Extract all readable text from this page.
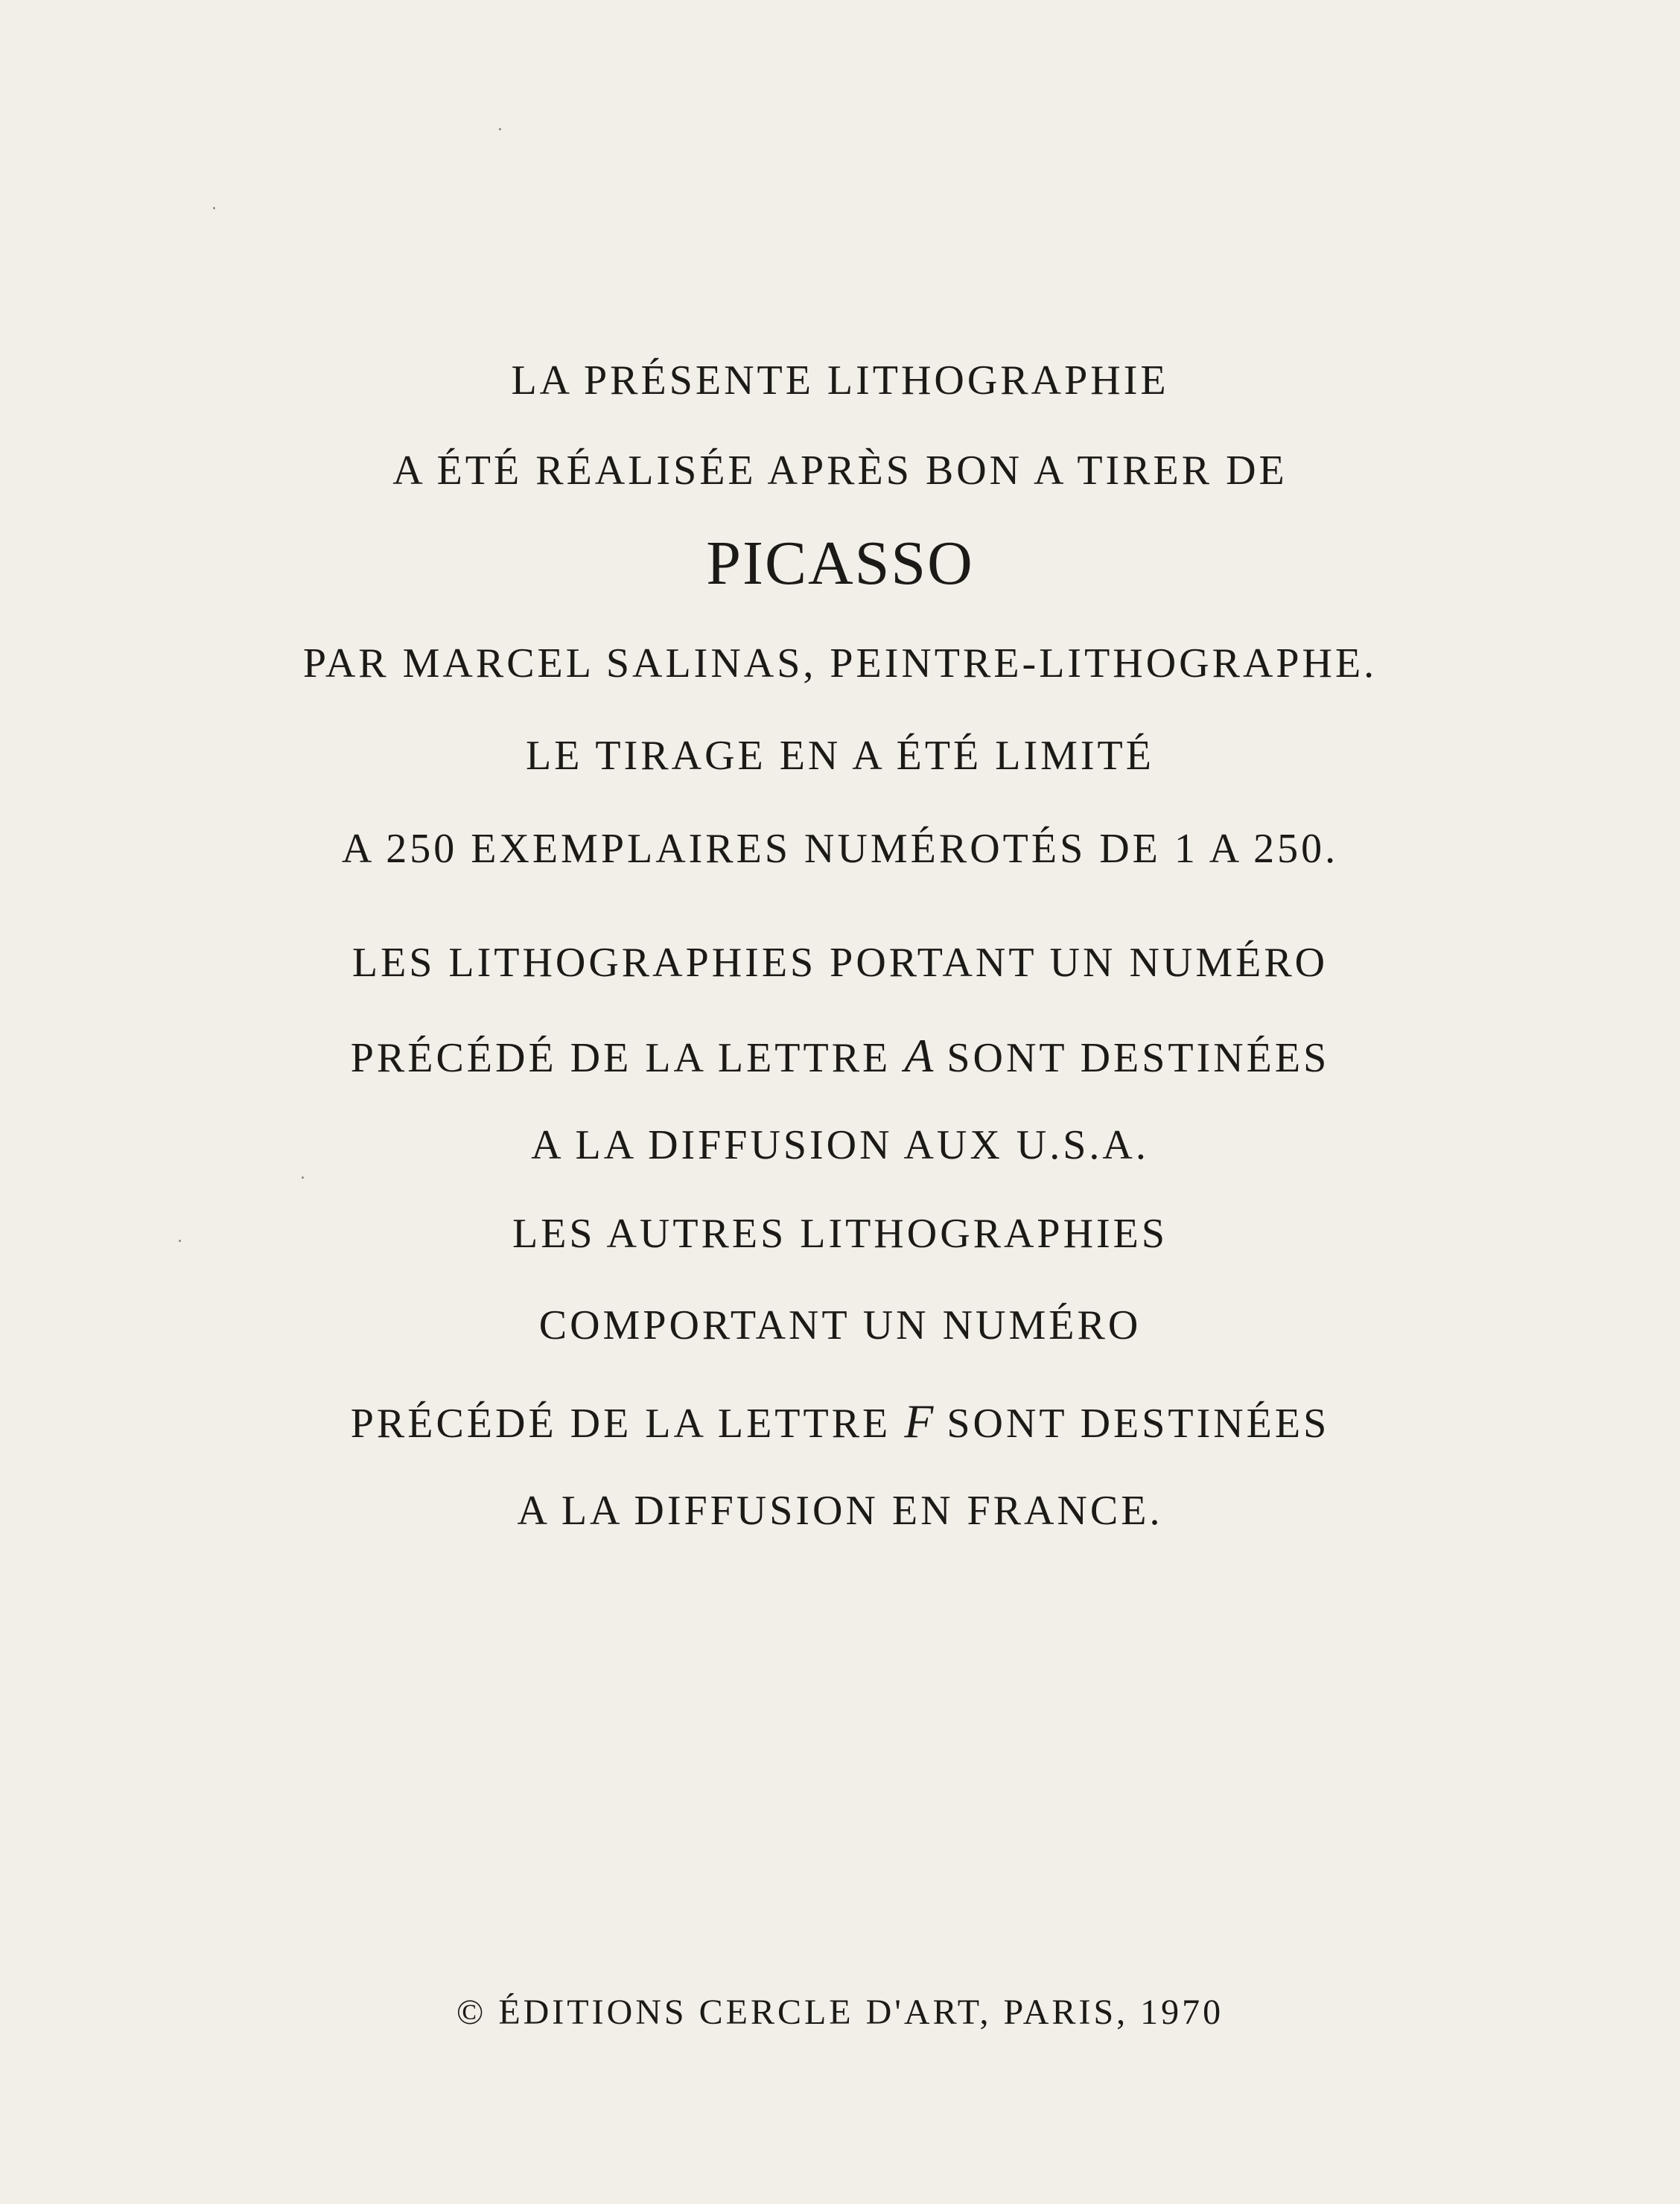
LA PRÉSENTE LITHOGRAPHIE
A ÉTÉ RÉALISÉE APRÈS BON A TIRER DE
PICASSO
PAR MARCEL SALINAS, PEINTRE-LITHOGRAPHE.
LE TIRAGE EN A ÉTÉ LIMITÉ
A 250 EXEMPLAIRES NUMÉROTÉS DE 1 A 250.
LES LITHOGRAPHIES PORTANT UN NUMÉRO
PRÉCÉDÉ DE LA LETTRE A SONT DESTINÉES
A LA DIFFUSION AUX U.S.A.
LES AUTRES LITHOGRAPHIES
COMPORTANT UN NUMÉRO
PRÉCÉDÉ DE LA LETTRE F SONT DESTINÉES
A LA DIFFUSION EN FRANCE.
© ÉDITIONS CERCLE D'ART, PARIS, 1970
